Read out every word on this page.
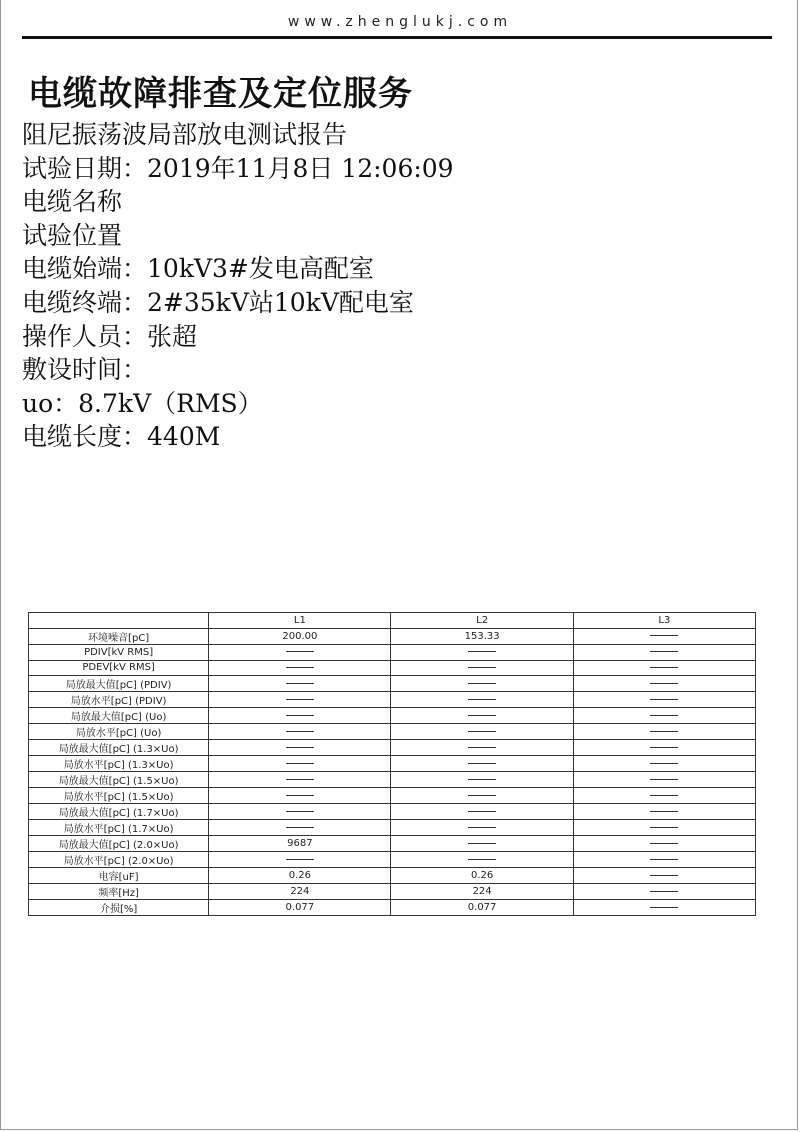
www.zhenglukj.com
电缆故障排查及定位服务
阻尼振荡波局部放电测试报告
试验日期：2019年11月8日 12:06:09
电缆名称
试验位置
电缆始端：10kV3#发电高配室
电缆终端：2#35kV站10kV配电室
操作人员：张超
敷设时间：
uo：8.7kV（RMS）
电缆长度：440M
	L1	L2	L3
环境噪音[pC]	200.00	153.33	
PDIV[kV RMS]			
PDEV[kV RMS]			
局放最大值[pC] (PDIV)			
局放水平[pC] (PDIV)			
局放最大值[pC] (Uo)			
局放水平[pC] (Uo)			
局放最大值[pC] (1.3×Uo)			
局放水平[pC] (1.3×Uo)			
局放最大值[pC] (1.5×Uo)			
局放水平[pC] (1.5×Uo)			
局放最大值[pC] (1.7×Uo)			
局放水平[pC] (1.7×Uo)			
局放最大值[pC] (2.0×Uo)	9687		
局放水平[pC] (2.0×Uo)			
电容[uF]	0.26	0.26	
频率[Hz]	224	224	
介损[%]	0.077	0.077	
